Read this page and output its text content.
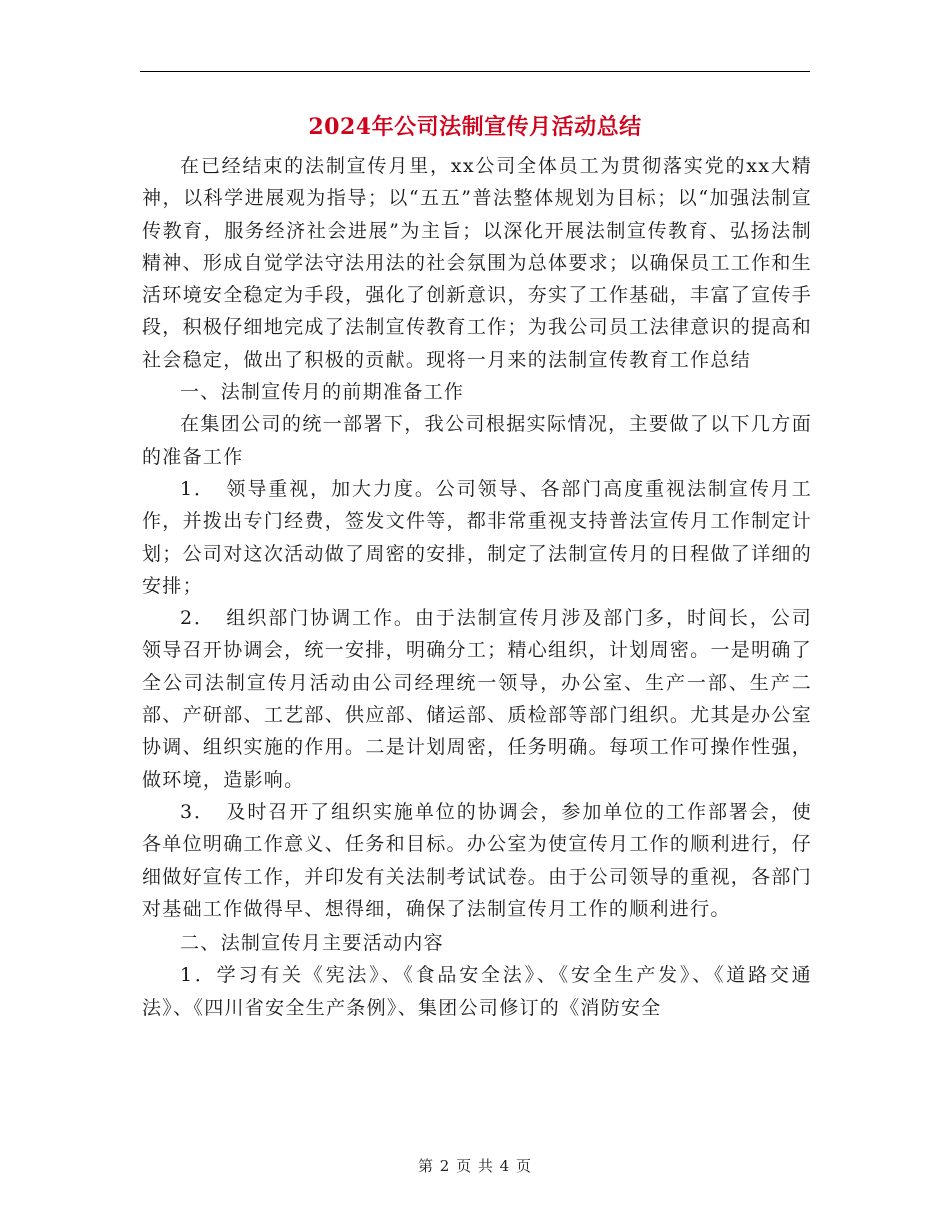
2024年公司法制宣传月活动总结

在已经结束的法制宣传月里，xx公司全体员工为贯彻落实党的xx大精神，以科学进展观为指导；以“五五”普法整体规划为目标；以“加强法制宣传教育，服务经济社会进展”为主旨；以深化开展法制宣传教育、弘扬法制精神、形成自觉学法守法用法的社会氛围为总体要求；以确保员工工作和生活环境安全稳定为手段，强化了创新意识，夯实了工作基础，丰富了宣传手段，积极仔细地完成了法制宣传教育工作；为我公司员工法律意识的提高和社会稳定，做出了积极的贡献。现将一月来的法制宣传教育工作总结

一、法制宣传月的前期准备工作

在集团公司的统一部署下，我公司根据实际情况，主要做了以下几方面的准备工作

1．　领导重视，加大力度。公司领导、各部门高度重视法制宣传月工作，并拨出专门经费，签发文件等，都非常重视支持普法宣传月工作制定计划；公司对这次活动做了周密的安排，制定了法制宣传月的日程做了详细的安排；

2．　组织部门协调工作。由于法制宣传月涉及部门多，时间长，公司领导召开协调会，统一安排，明确分工；精心组织，计划周密。一是明确了全公司法制宣传月活动由公司经理统一领导，办公室、生产一部、生产二部、产研部、工艺部、供应部、储运部、质检部等部门组织。尤其是办公室协调、组织实施的作用。二是计划周密，任务明确。每项工作可操作性强，做环境，造影响。

3．　及时召开了组织实施单位的协调会，参加单位的工作部署会，使各单位明确工作意义、任务和目标。办公室为使宣传月工作的顺利进行，仔细做好宣传工作，并印发有关法制考试试卷。由于公司领导的重视，各部门对基础工作做得早、想得细，确保了法制宣传月工作的顺利进行。

二、法制宣传月主要活动内容

1．学习有关《宪法》、《食品安全法》、《安全生产发》、《道路交通法》、《四川省安全生产条例》、集团公司修订的《消防安全

第 2 页 共 4 页
